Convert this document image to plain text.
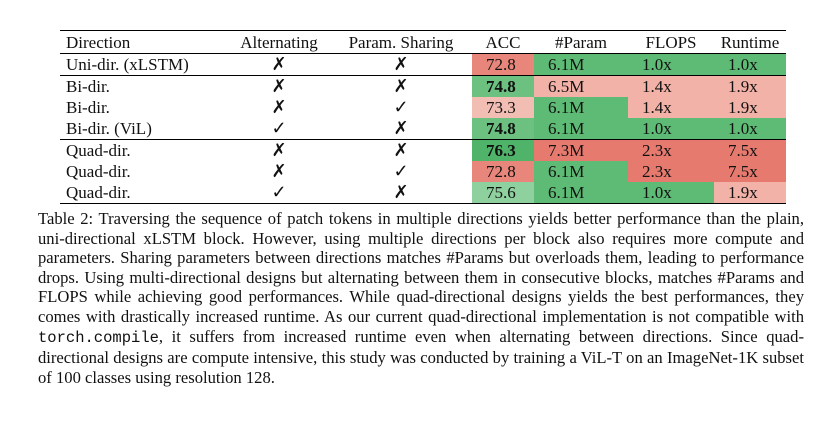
Direction	Alternating	Param. Sharing	ACC	#Param	FLOPS	Runtime
Uni-dir. (xLSTM)	✗	✗	72.8	6.1M	1.0x	1.0x
Bi-dir.	✗	✗	74.8	6.5M	1.4x	1.9x
Bi-dir.	✗	✓	73.3	6.1M	1.4x	1.9x
Bi-dir. (ViL)	✓	✗	74.8	6.1M	1.0x	1.0x
Quad-dir.	✗	✗	76.3	7.3M	2.3x	7.5x
Quad-dir.	✗	✓	72.8	6.1M	2.3x	7.5x
Quad-dir.	✓	✗	75.6	6.1M	1.0x	1.9x

Table 2: Traversing the sequence of patch tokens in multiple directions yields better performance than the plain, uni-directional xLSTM block. However, using multiple directions per block also requires more compute and parameters. Sharing parameters between directions matches #Params but overloads them, leading to performance drops. Using multi-directional designs but alternating between them in consecutive blocks, matches #Params and FLOPS while achieving good performances. While quad-directional designs yields the best performances, they comes with drastically increased runtime. As our current quad-directional implementation is not compatible with torch.compile, it suffers from increased runtime even when alternating between directions. Since quad-directional designs are compute intensive, this study was conducted by training a ViL-T on an ImageNet-1K subset of 100 classes using resolution 128.
